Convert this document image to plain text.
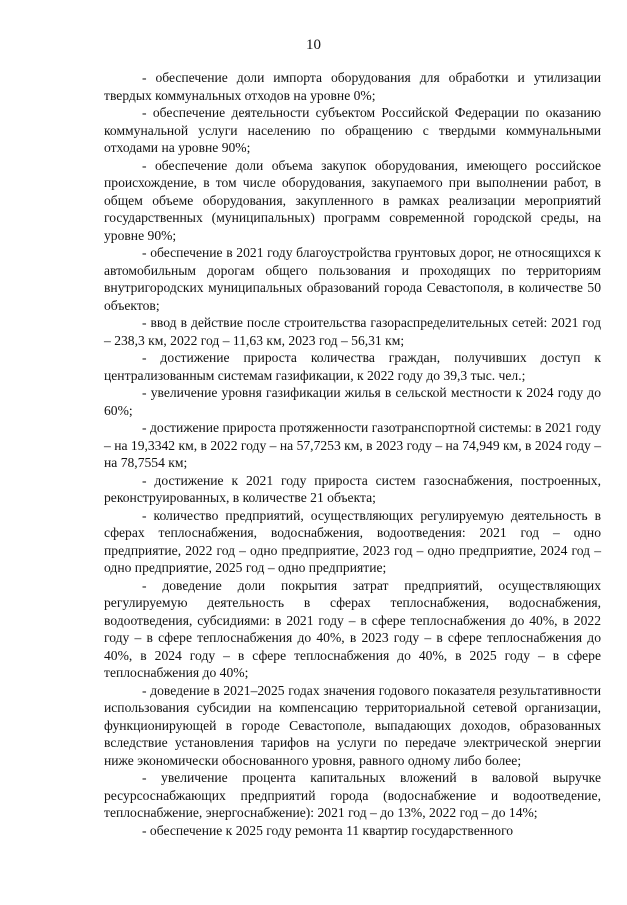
10

- обеспечение доли импорта оборудования для обработки и утилизации твердых коммунальных отходов на уровне 0%;

- обеспечение деятельности субъектом Российской Федерации по оказанию коммунальной услуги населению по обращению с твердыми коммунальными отходами на уровне 90%;

- обеспечение доли объема закупок оборудования, имеющего российское происхождение, в том числе оборудования, закупаемого при выполнении работ, в общем объеме оборудования, закупленного в рамках реализации мероприятий государственных (муниципальных) программ современной городской среды, на уровне 90%;

- обеспечение в 2021 году благоустройства грунтовых дорог, не относящихся к автомобильным дорогам общего пользования и проходящих по территориям внутригородских муниципальных образований города Севастополя, в количестве 50 объектов;

- ввод в действие после строительства газораспределительных сетей: 2021 год – 238,3 км, 2022 год – 11,63 км, 2023 год – 56,31 км;

- достижение прироста количества граждан, получивших доступ к централизованным системам газификации, к 2022 году до 39,3 тыс. чел.;

- увеличение уровня газификации жилья в сельской местности к 2024 году до 60%;

- достижение прироста протяженности газотранспортной системы: в 2021 году – на 19,3342 км, в 2022 году – на 57,7253 км, в 2023 году – на 74,949 км, в 2024 году – на 78,7554 км;

- достижение к 2021 году прироста систем газоснабжения, построенных, реконструированных, в количестве 21 объекта;

- количество предприятий, осуществляющих регулируемую деятельность в сферах теплоснабжения, водоснабжения, водоотведения: 2021 год – одно предприятие, 2022 год – одно предприятие, 2023 год – одно предприятие, 2024 год – одно предприятие, 2025 год – одно предприятие;

- доведение доли покрытия затрат предприятий, осуществляющих регулируемую деятельность в сферах теплоснабжения, водоснабжения, водоотведения, субсидиями: в 2021 году – в сфере теплоснабжения до 40%, в 2022 году – в сфере теплоснабжения до 40%, в 2023 году – в сфере теплоснабжения до 40%, в 2024 году – в сфере теплоснабжения до 40%, в 2025 году – в сфере теплоснабжения до 40%;

- доведение в 2021–2025 годах значения годового показателя результативности использования субсидии на компенсацию территориальной сетевой организации, функционирующей в городе Севастополе, выпадающих доходов, образованных вследствие установления тарифов на услуги по передаче электрической энергии ниже экономически обоснованного уровня, равного одному либо более;

- увеличение процента капитальных вложений в валовой выручке ресурсоснабжающих предприятий города (водоснабжение и водоотведение, теплоснабжение, энергоснабжение): 2021 год – до 13%, 2022 год – до 14%;

- обеспечение к 2025 году ремонта 11 квартир государственного
